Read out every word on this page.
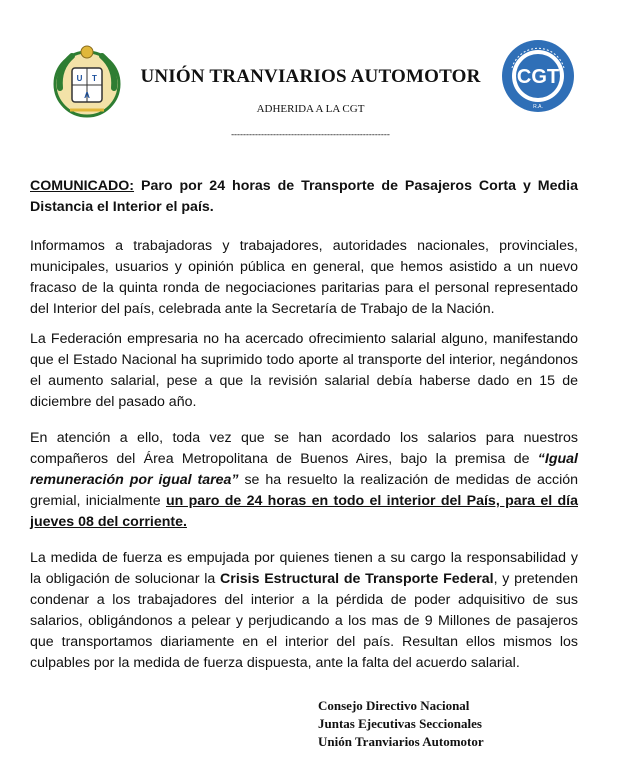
U T
A
UNIÓN TRANVIARIOS AUTOMOTOR
ADHERIDA A LA CGT
-----------------------------------------------------
CGT
R.A.
COMUNICADO: Paro por 24 horas de Transporte de Pasajeros Corta y Media Distancia el Interior el país.
Informamos a trabajadoras y trabajadores, autoridades nacionales, provinciales, municipales, usuarios y opinión pública en general, que hemos asistido a un nuevo fracaso de la quinta ronda de negociaciones paritarias para el personal representado del Interior del país, celebrada ante la Secretaría de Trabajo de la Nación.
La Federación empresaria no ha acercado ofrecimiento salarial alguno, manifestando que el Estado Nacional ha suprimido todo aporte al transporte del interior, negándonos el aumento salarial, pese a que la revisión salarial debía haberse dado en 15 de diciembre del pasado año.
En atención a ello, toda vez que se han acordado los salarios para nuestros compañeros del Área Metropolitana de Buenos Aires, bajo la premisa de “Igual remuneración por igual tarea” se ha resuelto la realización de medidas de acción gremial, inicialmente un paro de 24 horas en todo el interior del País, para el día jueves 08 del corriente.
La medida de fuerza es empujada por quienes tienen a su cargo la responsabilidad y la obligación de solucionar la Crisis Estructural de Transporte Federal, y pretenden condenar a los trabajadores del interior a la pérdida de poder adquisitivo de sus salarios, obligándonos a pelear y perjudicando a los mas de 9 Millones de pasajeros que transportamos diariamente en el interior del país. Resultan ellos mismos los culpables por la medida de fuerza dispuesta, ante la falta del acuerdo salarial.
Consejo Directivo Nacional
Juntas Ejecutivas Seccionales
Unión Tranviarios Automotor
